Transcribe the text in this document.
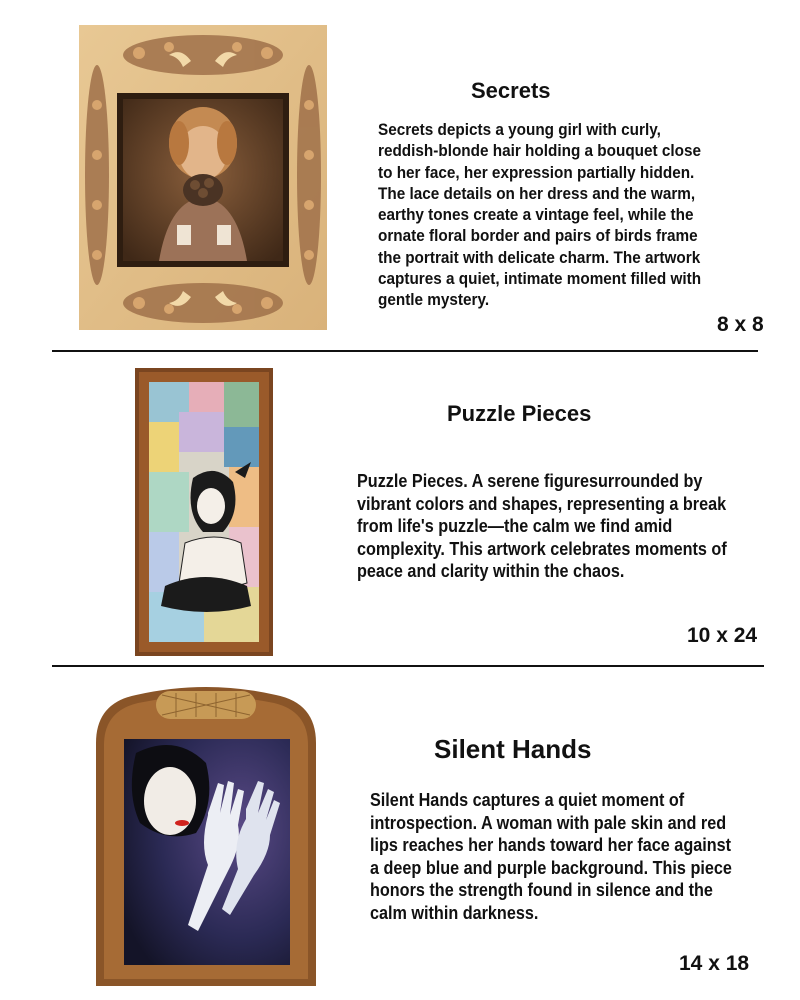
Secrets
Secrets depicts a young girl with curly, reddish-blonde hair holding a bouquet close to her face, her expression partially hidden. The lace details on her dress and the warm, earthy tones create a vintage feel, while the ornate floral border and pairs of birds frame the portrait with delicate charm. The artwork captures a quiet, intimate moment filled with gentle mystery.
8 x 8
Puzzle Pieces
Puzzle Pieces. A serene figuresurrounded by vibrant colors and shapes, representing a break from life's puzzle—the calm we find amid complexity. This artwork celebrates moments of peace and clarity within the chaos.
10 x 24
Silent Hands
Silent Hands captures a quiet moment of introspection. A woman with pale skin and red lips reaches her hands toward her face against a deep blue and purple background. This piece honors the strength found in silence and the calm within darkness.
14 x 18
